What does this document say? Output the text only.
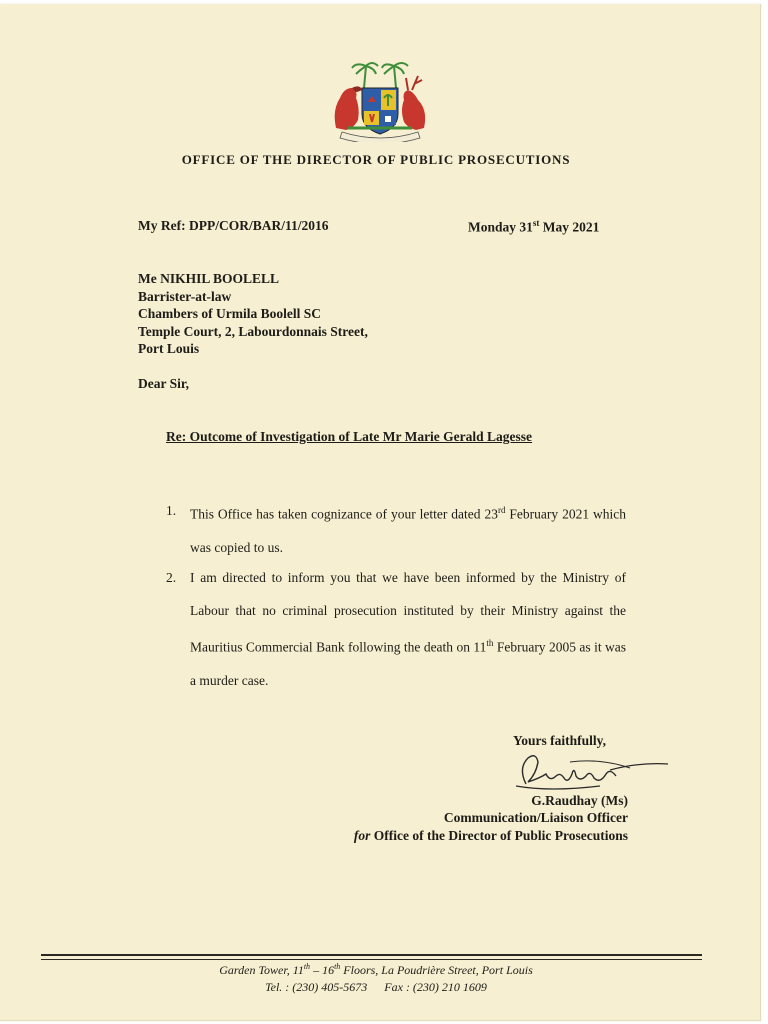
OFFICE OF THE DIRECTOR OF PUBLIC PROSECUTIONS
My Ref: DPP/COR/BAR/11/2016	Monday 31st May 2021
Me NIKHIL BOOLELL
Barrister-at-law
Chambers of Urmila Boolell SC
Temple Court, 2, Labourdonnais Street,
Port Louis
Dear Sir,
Re: Outcome of Investigation of Late Mr Marie Gerald Lagesse
1. This Office has taken cognizance of your letter dated 23rd February 2021 which was copied to us.
2. I am directed to inform you that we have been informed by the Ministry of Labour that no criminal prosecution instituted by their Ministry against the Mauritius Commercial Bank following the death on 11th February 2005 as it was a murder case.
Yours faithfully,
G.Raudhay (Ms)
Communication/Liaison Officer
for Office of the Director of Public Prosecutions
Garden Tower, 11th – 16th Floors, La Poudrière Street, Port Louis
Tel. : (230) 405-5673 Fax : (230) 210 1609
